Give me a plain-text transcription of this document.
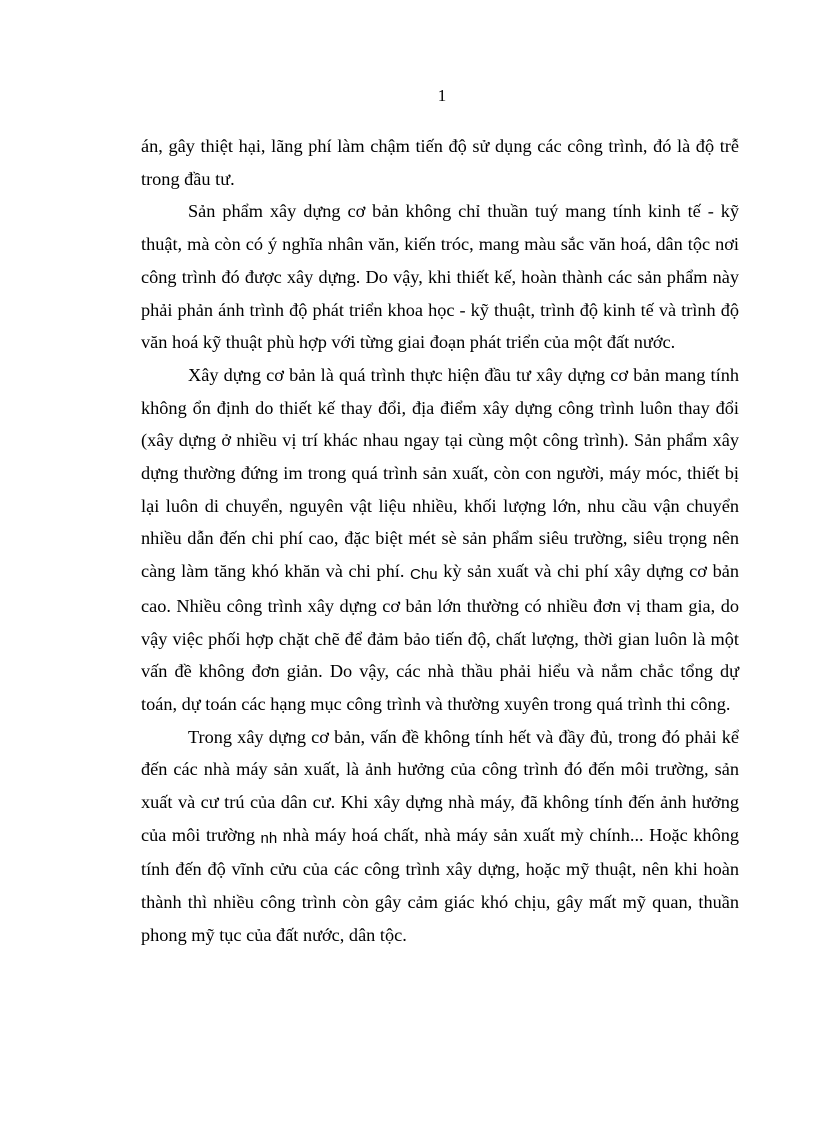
1

án, gây thiệt hại, lãng phí làm chậm tiến độ sử dụng các công trình, đó là độ trễ trong đầu tư.

Sản phẩm xây dựng cơ bản không chỉ thuần tuý mang tính kinh tế - kỹ thuật, mà còn có ý nghĩa nhân văn, kiến tróc, mang màu sắc văn hoá, dân tộc nơi công trình đó được xây dựng. Do vậy, khi thiết kế, hoàn thành các sản phẩm này phải phản ánh trình độ phát triển khoa học - kỹ thuật, trình độ kinh tế và trình độ văn hoá kỹ thuật phù hợp với từng giai đoạn phát triển của một đất nước.

Xây dựng cơ bản là quá trình thực hiện đầu tư xây dựng cơ bản mang tính không ổn định do thiết kế thay đổi, địa điểm xây dựng công trình luôn thay đổi (xây dựng ở nhiều vị trí khác nhau ngay tại cùng một công trình). Sản phẩm xây dựng thường đứng im trong quá trình sản xuất, còn con người, máy móc, thiết bị lại luôn di chuyển, nguyên vật liệu nhiều, khối lượng lớn, nhu cầu vận chuyển nhiều dẫn đến chi phí cao, đặc biệt mét sè sản phẩm siêu trường, siêu trọng nên càng làm tăng khó khăn và chi phí. Chu kỳ sản xuất và chi phí xây dựng cơ bản cao. Nhiều công trình xây dựng cơ bản lớn thường có nhiều đơn vị tham gia, do vậy việc phối hợp chặt chẽ để đảm bảo tiến độ, chất lượng, thời gian luôn là một vấn đề không đơn giản. Do vậy, các nhà thầu phải hiểu và nắm chắc tổng dự toán, dự toán các hạng mục công trình và thường xuyên trong quá trình thi công.

Trong xây dựng cơ bản, vấn đề không tính hết và đầy đủ, trong đó phải kể đến các nhà máy sản xuất, là ảnh hưởng của công trình đó đến môi trường, sản xuất và cư trú của dân cư. Khi xây dựng nhà máy, đã không tính đến ảnh hưởng của môi trường nh nhà máy hoá chất, nhà máy sản xuất mỳ chính... Hoặc không tính đến độ vĩnh cửu của các công trình xây dựng, hoặc mỹ thuật, nên khi hoàn thành thì nhiều công trình còn gây cảm giác khó chịu, gây mất mỹ quan, thuần phong mỹ tục của đất nước, dân tộc.
